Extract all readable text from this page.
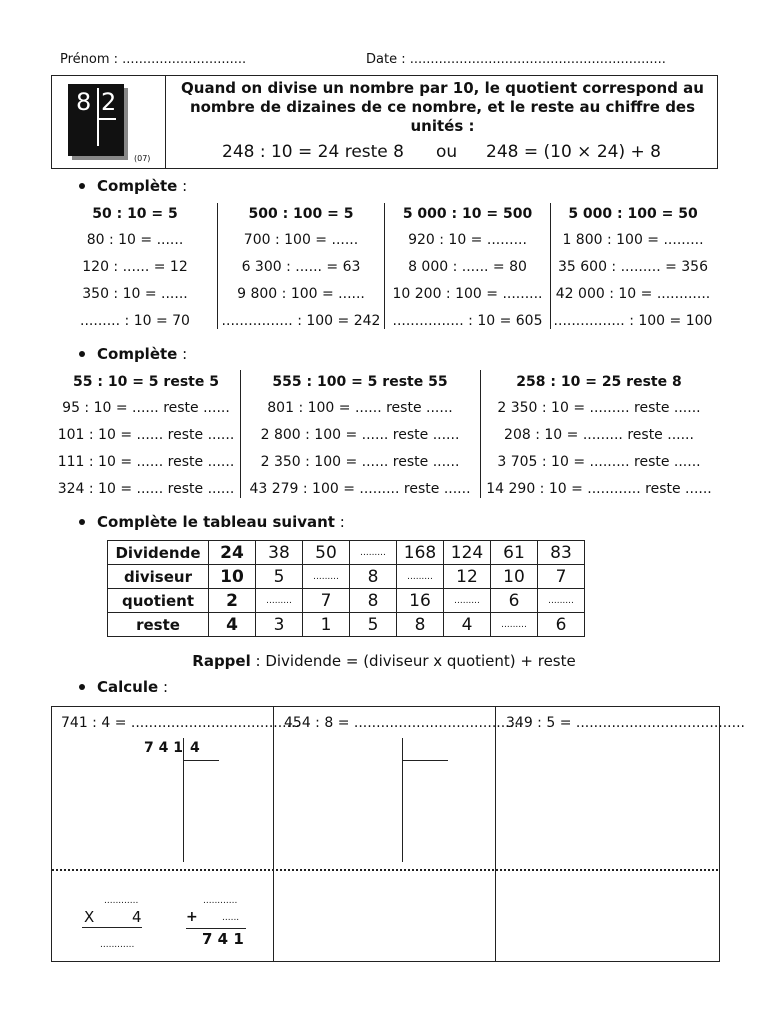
Prénom : ..............................	Date : ..............................................................
8 2
(07)
Quand on divise un nombre par 10, le quotient correspond au nombre de dizaines de ce nombre, et le reste au chiffre des unités :
248 : 10 = 24 reste 8 ou 248 = (10 × 24) + 8
Complète :
50 : 10 = 5
80 : 10 = ......
120 : ...... = 12
350 : 10 = ......
......... : 10 = 70
500 : 100 = 5
700 : 100 = ......
6 300 : ...... = 63
9 800 : 100 = ......
................ : 100 = 242
5 000 : 10 = 500
920 : 10 = .........
8 000 : ...... = 80
10 200 : 100 = .........
................ : 10 = 605
5 000 : 100 = 50
1 800 : 100 = .........
35 600 : ......... = 356
42 000 : 10 = ............
................ : 100 = 100
Complète :
55 : 10 = 5 reste 5
95 : 10 = ...... reste ......
101 : 10 = ...... reste ......
111 : 10 = ...... reste ......
324 : 10 = ...... reste ......
555 : 100 = 5 reste 55
801 : 100 = ...... reste ......
2 800 : 100 = ...... reste ......
2 350 : 100 = ...... reste ......
43 279 : 100 = ......... reste ......
258 : 10 = 25 reste 8
2 350 : 10 = ......... reste ......
208 : 10 = ......... reste ......
3 705 : 10 = ......... reste ......
14 290 : 10 = ............ reste ......
Complète le tableau suivant :
Dividende	24	38	50	.........	168	124	61	83
diviseur	10	5	.........	8	.........	12	10	7
quotient	2	.........	7	8	16	.........	6	.........
reste	4	3	1	5	8	4	.........	6
Rappel : Dividende = (diviseur x quotient) + reste
Calcule :
741 : 4 = ......................................
454 : 8 = ......................................
349 : 5 = ......................................
7 4 1 4
............
X	4
............
............
+	......
7 4 1
